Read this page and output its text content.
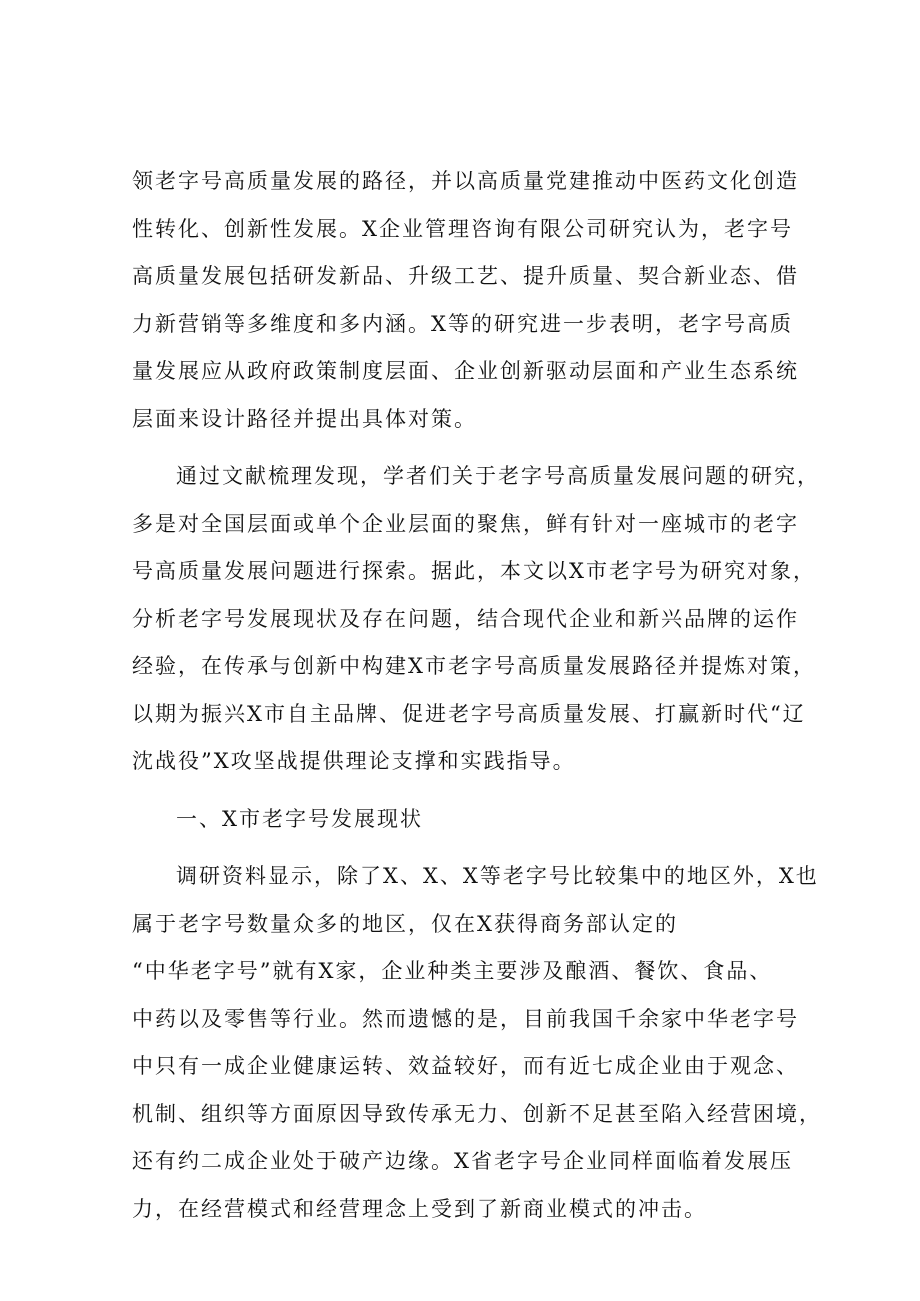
领老字号高质量发展的路径，并以高质量党建推动中医药文化创造
性转化、创新性发展。X企业管理咨询有限公司研究认为，老字号
高质量发展包括研发新品、升级工艺、提升质量、契合新业态、借
力新营销等多维度和多内涵。X等的研究进一步表明，老字号高质
量发展应从政府政策制度层面、企业创新驱动层面和产业生态系统
层面来设计路径并提出具体对策。
通过文献梳理发现，学者们关于老字号高质量发展问题的研究，
多是对全国层面或单个企业层面的聚焦，鲜有针对一座城市的老字
号高质量发展问题进行探索。据此，本文以X市老字号为研究对象，
分析老字号发展现状及存在问题，结合现代企业和新兴品牌的运作
经验，在传承与创新中构建X市老字号高质量发展路径并提炼对策，
以期为振兴X市自主品牌、促进老字号高质量发展、打赢新时代“辽
沈战役”X攻坚战提供理论支撑和实践指导。
一、X市老字号发展现状
调研资料显示，除了X、X、X等老字号比较集中的地区外，X也
属于老字号数量众多的地区，仅在X获得商务部认定的
“中华老字号”就有X家，企业种类主要涉及酿酒、餐饮、食品、
中药以及零售等行业。然而遗憾的是，目前我国千余家中华老字号
中只有一成企业健康运转、效益较好，而有近七成企业由于观念、
机制、组织等方面原因导致传承无力、创新不足甚至陷入经营困境，
还有约二成企业处于破产边缘。X省老字号企业同样面临着发展压
力，在经营模式和经营理念上受到了新商业模式的冲击。
